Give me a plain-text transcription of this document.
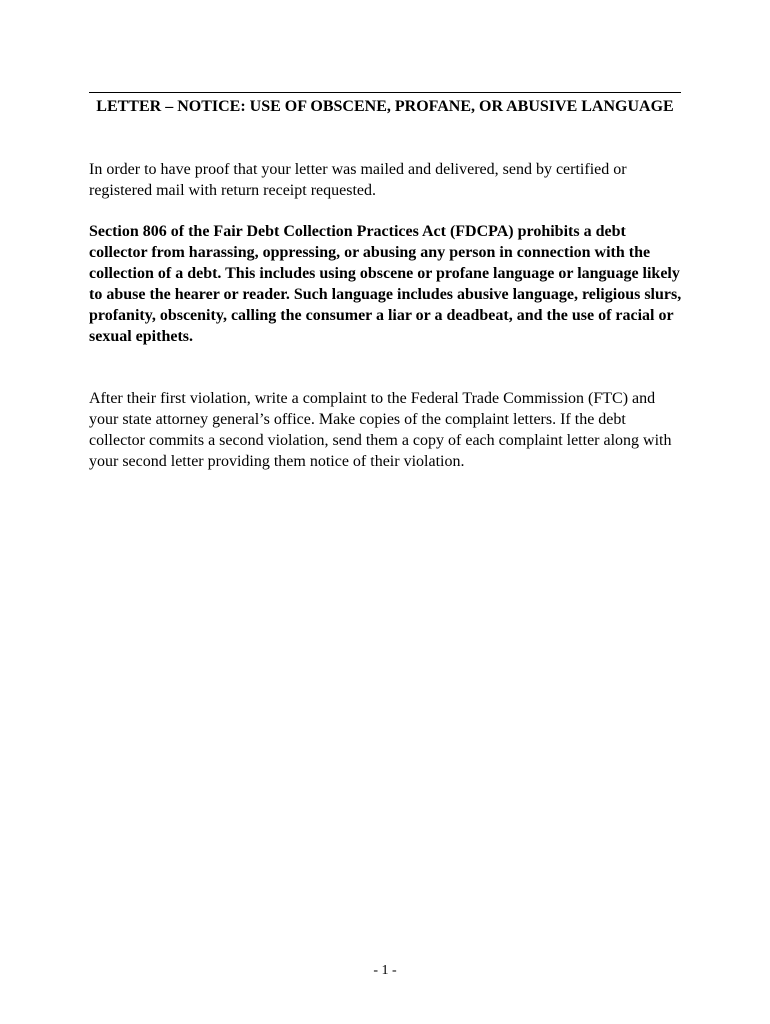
LETTER – NOTICE: USE OF OBSCENE, PROFANE, OR ABUSIVE LANGUAGE

In order to have proof that your letter was mailed and delivered, send by certified or registered mail with return receipt requested.

Section 806 of the Fair Debt Collection Practices Act (FDCPA) prohibits a debt collector from harassing, oppressing, or abusing any person in connection with the collection of a debt. This includes using obscene or profane language or language likely to abuse the hearer or reader. Such language includes abusive language, religious slurs, profanity, obscenity, calling the consumer a liar or a deadbeat, and the use of racial or sexual epithets.

After their first violation, write a complaint to the Federal Trade Commission (FTC) and your state attorney general’s office. Make copies of the complaint letters. If the debt collector commits a second violation, send them a copy of each complaint letter along with your second letter providing them notice of their violation.

- 1 -
